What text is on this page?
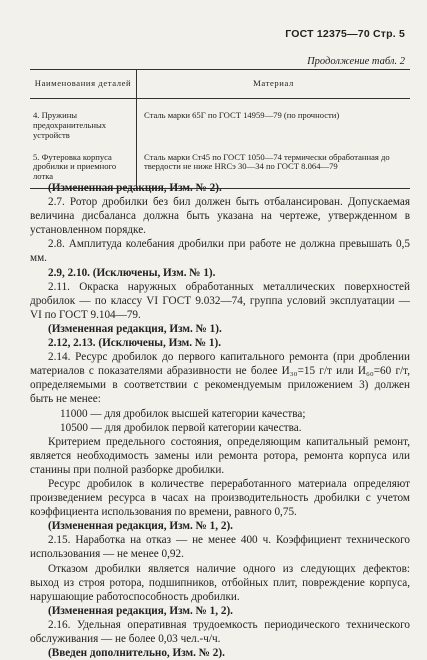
ГОСТ 12375—70 Стр. 5
Продолжение табл. 2
Наименования деталей	Материал
4. Пружины предохранительных устройств	Сталь марки 65Г по ГОСТ 14959—79 (по прочности)
5. Футеровка корпуса дробилки и приемного лотка	Сталь марки Ст45 по ГОСТ 1050—74 термически обработанная до твердости не ниже HRCэ 30—34 по ГОСТ 8.064—79

(Измененная редакция, Изм. № 2).

2.7. Ротор дробилки без бил должен быть отбалансирован. Допускаемая величина дисбаланса должна быть указана на чертеже, утвержденном в установленном порядке.

2.8. Амплитуда колебания дробилки при работе не должна превышать 0,5 мм.

2.9, 2.10. (Исключены, Изм. № 1).

2.11. Окраска наружных обработанных металлических поверхностей дробилок — по классу VI ГОСТ 9.032—74, группа условий эксплуатации — VI по ГОСТ 9.104—79.

(Измененная редакция, Изм. № 1).

2.12, 2.13. (Исключены, Изм. № 1).

2.14. Ресурс дробилок до первого капитального ремонта (при дроблении материалов с показателями абразивности не более И₃₀=15 г/т или И₆₀=60 г/т, определяемыми в соответствии с рекомендуемым приложением 3) должен быть не менее:

11000 — для дробилок высшей категории качества;

10500 — для дробилок первой категории качества.

Критерием предельного состояния, определяющим капитальный ремонт, является необходимость замены или ремонта ротора, ремонта корпуса или станины при полной разборке дробилки.

Ресурс дробилок в количестве переработанного материала определяют произведением ресурса в часах на производительность дробилки с учетом коэффициента использования по времени, равного 0,75.

(Измененная редакция, Изм. № 1, 2).

2.15. Наработка на отказ — не менее 400 ч. Коэффициент технического использования — не менее 0,92.

Отказом дробилки является наличие одного из следующих дефектов: выход из строя ротора, подшипников, отбойных плит, повреждение корпуса, нарушающие работоспособность дробилки.

(Измененная редакция, Изм. № 1, 2).

2.16. Удельная оперативная трудоемкость периодического технического обслуживания — не более 0,03 чел.-ч/ч.

(Введен дополнительно, Изм. № 2).
